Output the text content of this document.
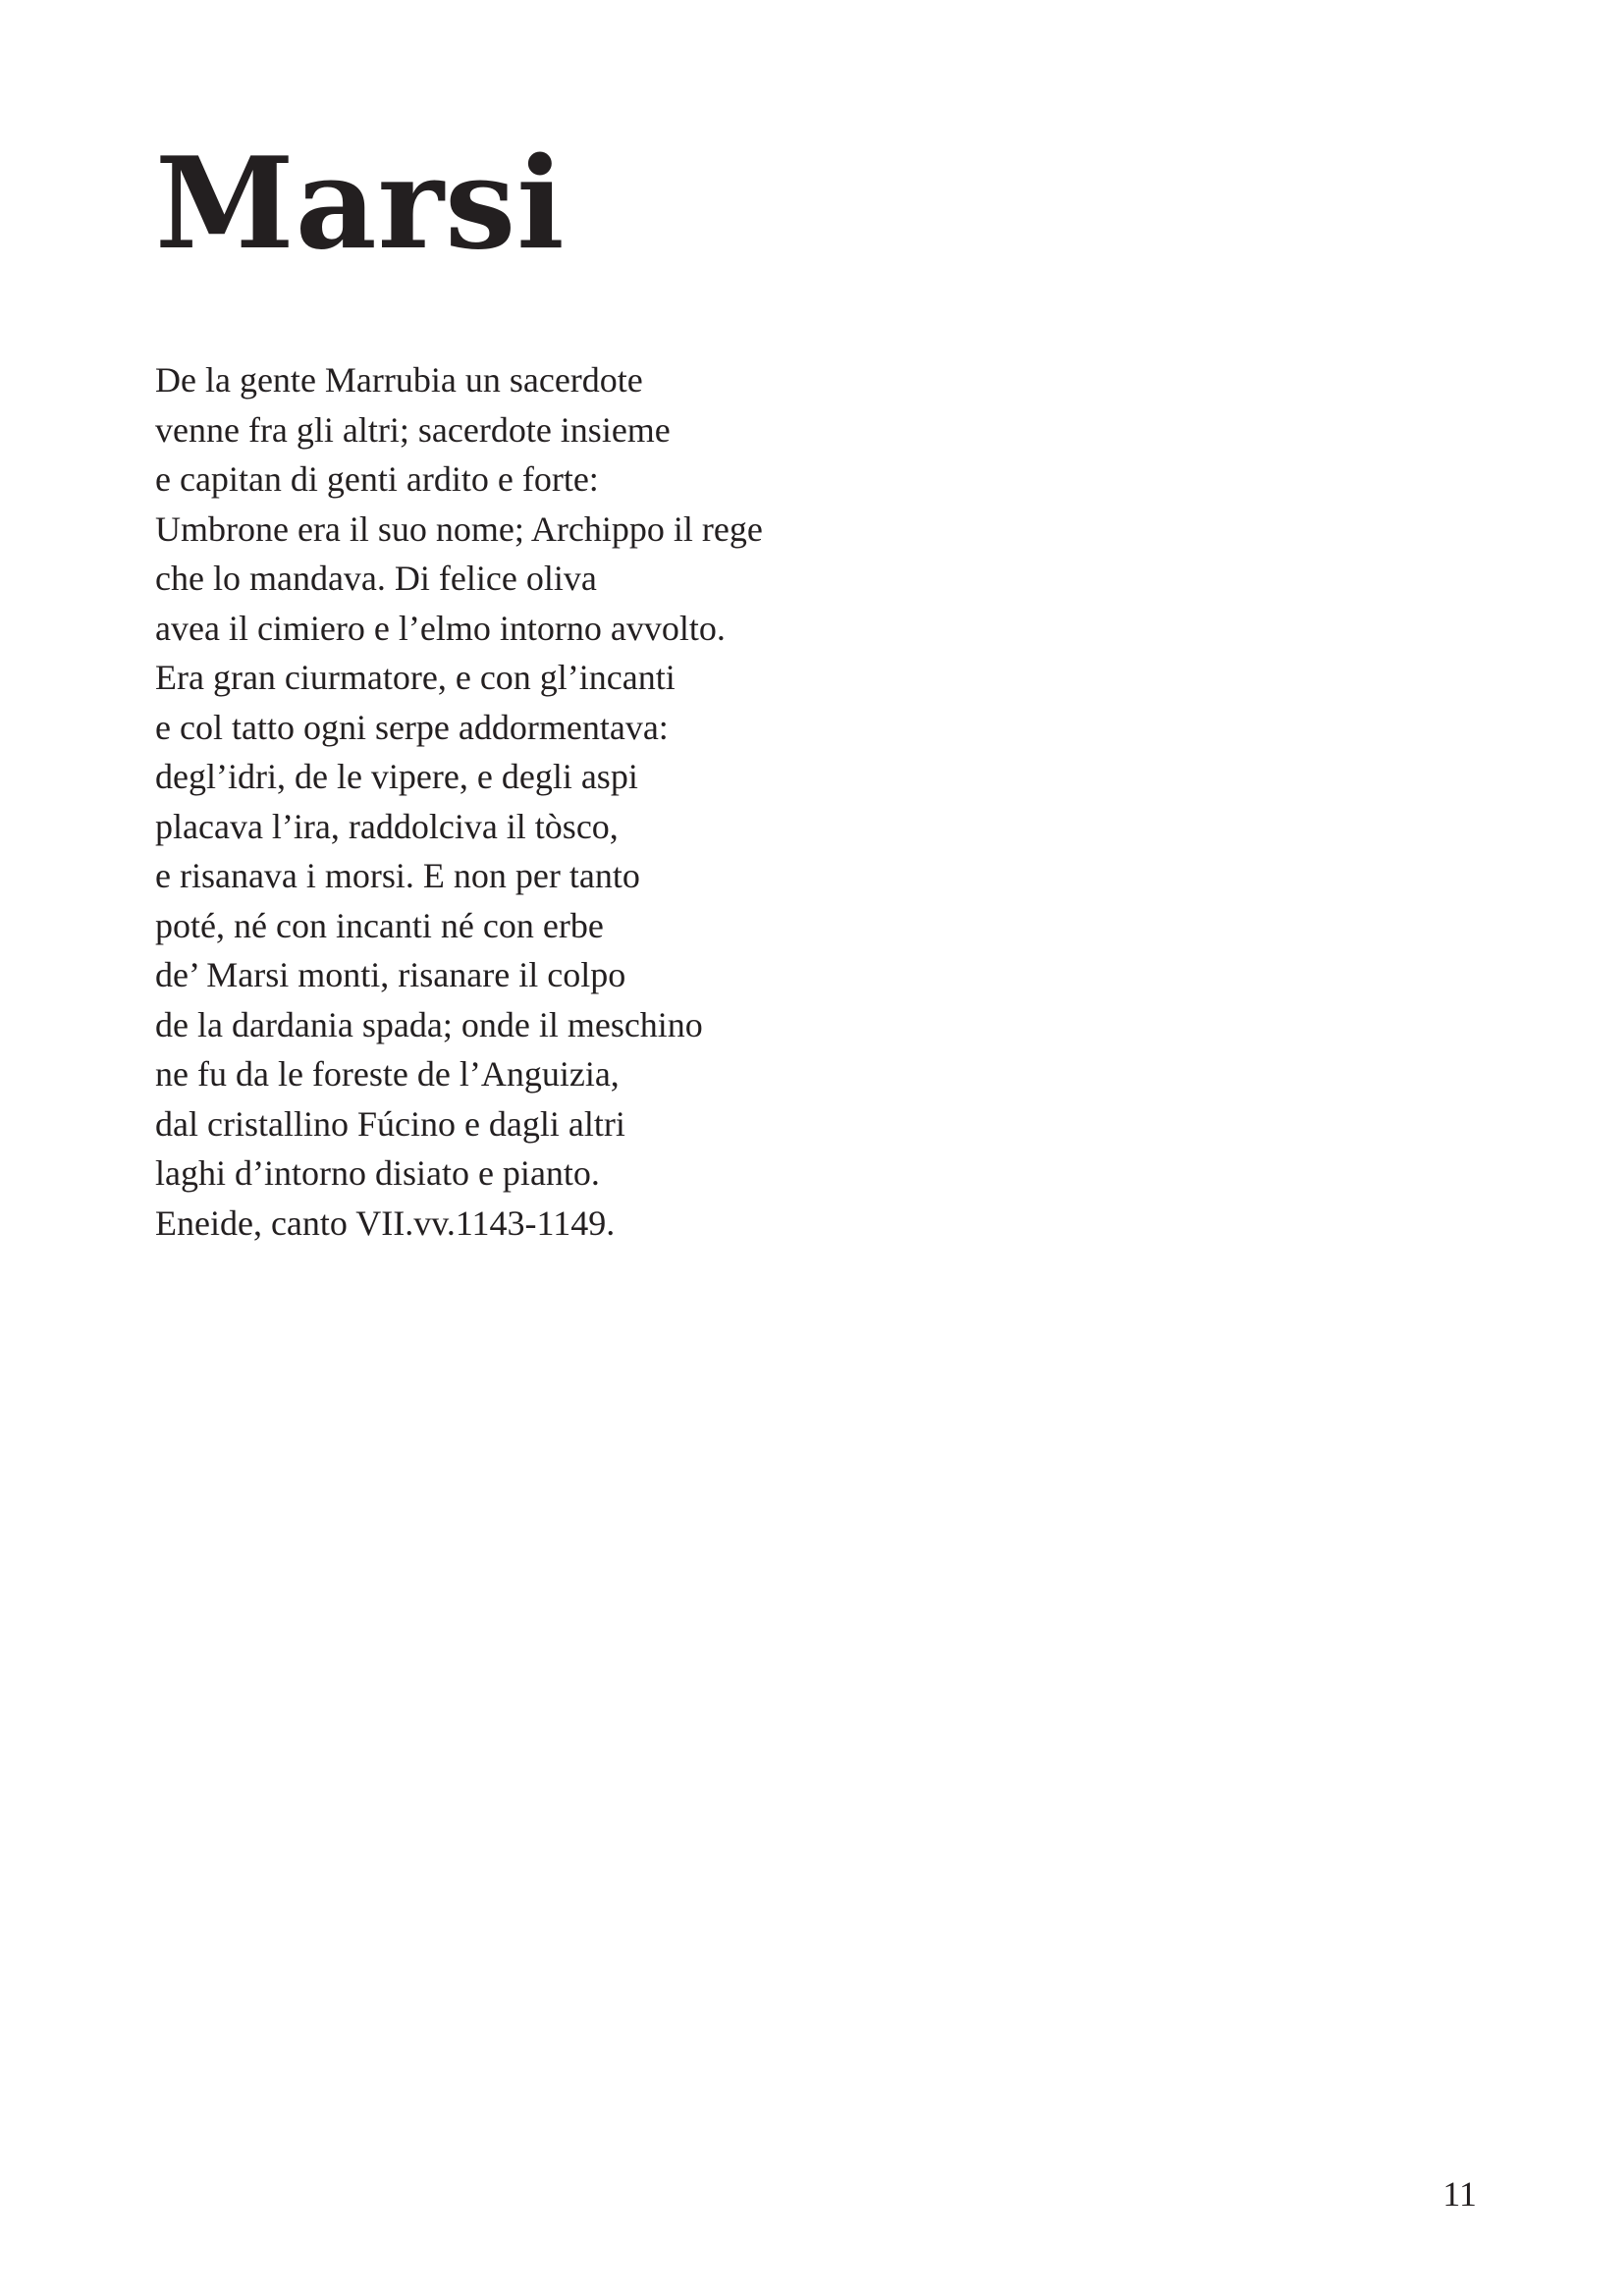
Marsi
De la gente Marrubia un sacerdote
venne fra gli altri; sacerdote insieme
e capitan di genti ardito e forte:
Umbrone era il suo nome; Archippo il rege
che lo mandava. Di felice oliva
avea il cimiero e l’elmo intorno avvolto.
Era gran ciurmatore, e con gl’incanti
e col tatto ogni serpe addormentava:
degl’idri, de le vipere, e degli aspi
placava l’ira, raddolciva il tòsco,
e risanava i morsi. E non per tanto
poté, né con incanti né con erbe
de’ Marsi monti, risanare il colpo
de la dardania spada; onde il meschino
ne fu da le foreste de l’Anguizia,
dal cristallino Fúcino e dagli altri
laghi d’intorno disiato e pianto.
Eneide, canto VII.vv.1143-1149.
11
